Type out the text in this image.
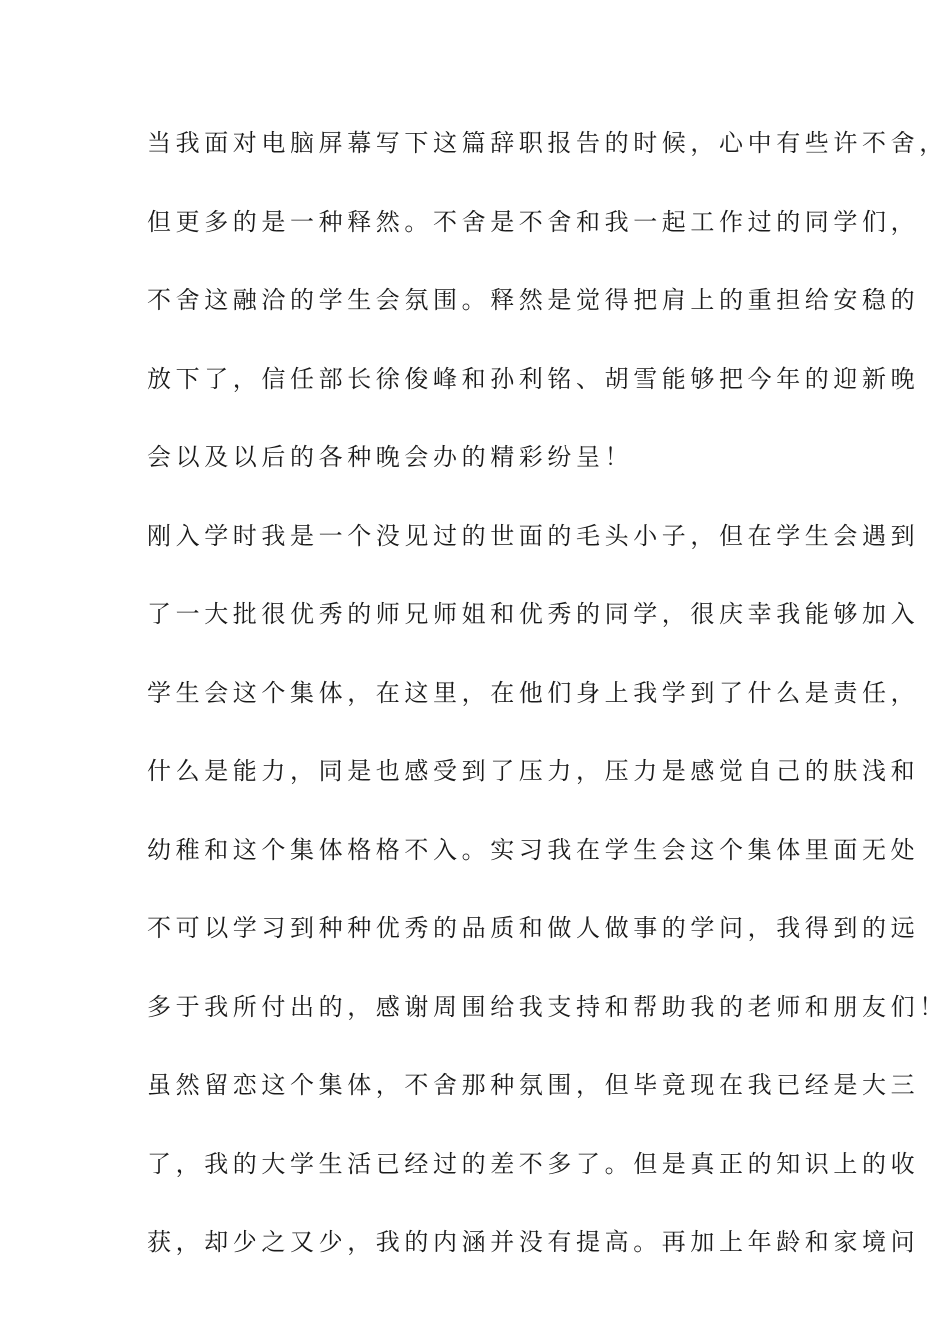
当我面对电脑屏幕写下这篇辞职报告的时候，心中有些许不舍，
但更多的是一种释然。不舍是不舍和我一起工作过的同学们，
不舍这融洽的学生会氛围。释然是觉得把肩上的重担给安稳的
放下了，信任部长徐俊峰和孙利铭、胡雪能够把今年的迎新晚
会以及以后的各种晚会办的精彩纷呈！
刚入学时我是一个没见过的世面的毛头小子，但在学生会遇到
了一大批很优秀的师兄师姐和优秀的同学，很庆幸我能够加入
学生会这个集体，在这里，在他们身上我学到了什么是责任，
什么是能力，同是也感受到了压力，压力是感觉自己的肤浅和
幼稚和这个集体格格不入。实习我在学生会这个集体里面无处
不可以学习到种种优秀的品质和做人做事的学问，我得到的远
多于我所付出的，感谢周围给我支持和帮助我的老师和朋友们！
虽然留恋这个集体，不舍那种氛围，但毕竟现在我已经是大三
了，我的大学生活已经过的差不多了。但是真正的知识上的收
获，却少之又少，我的内涵并没有提高。再加上年龄和家境问
